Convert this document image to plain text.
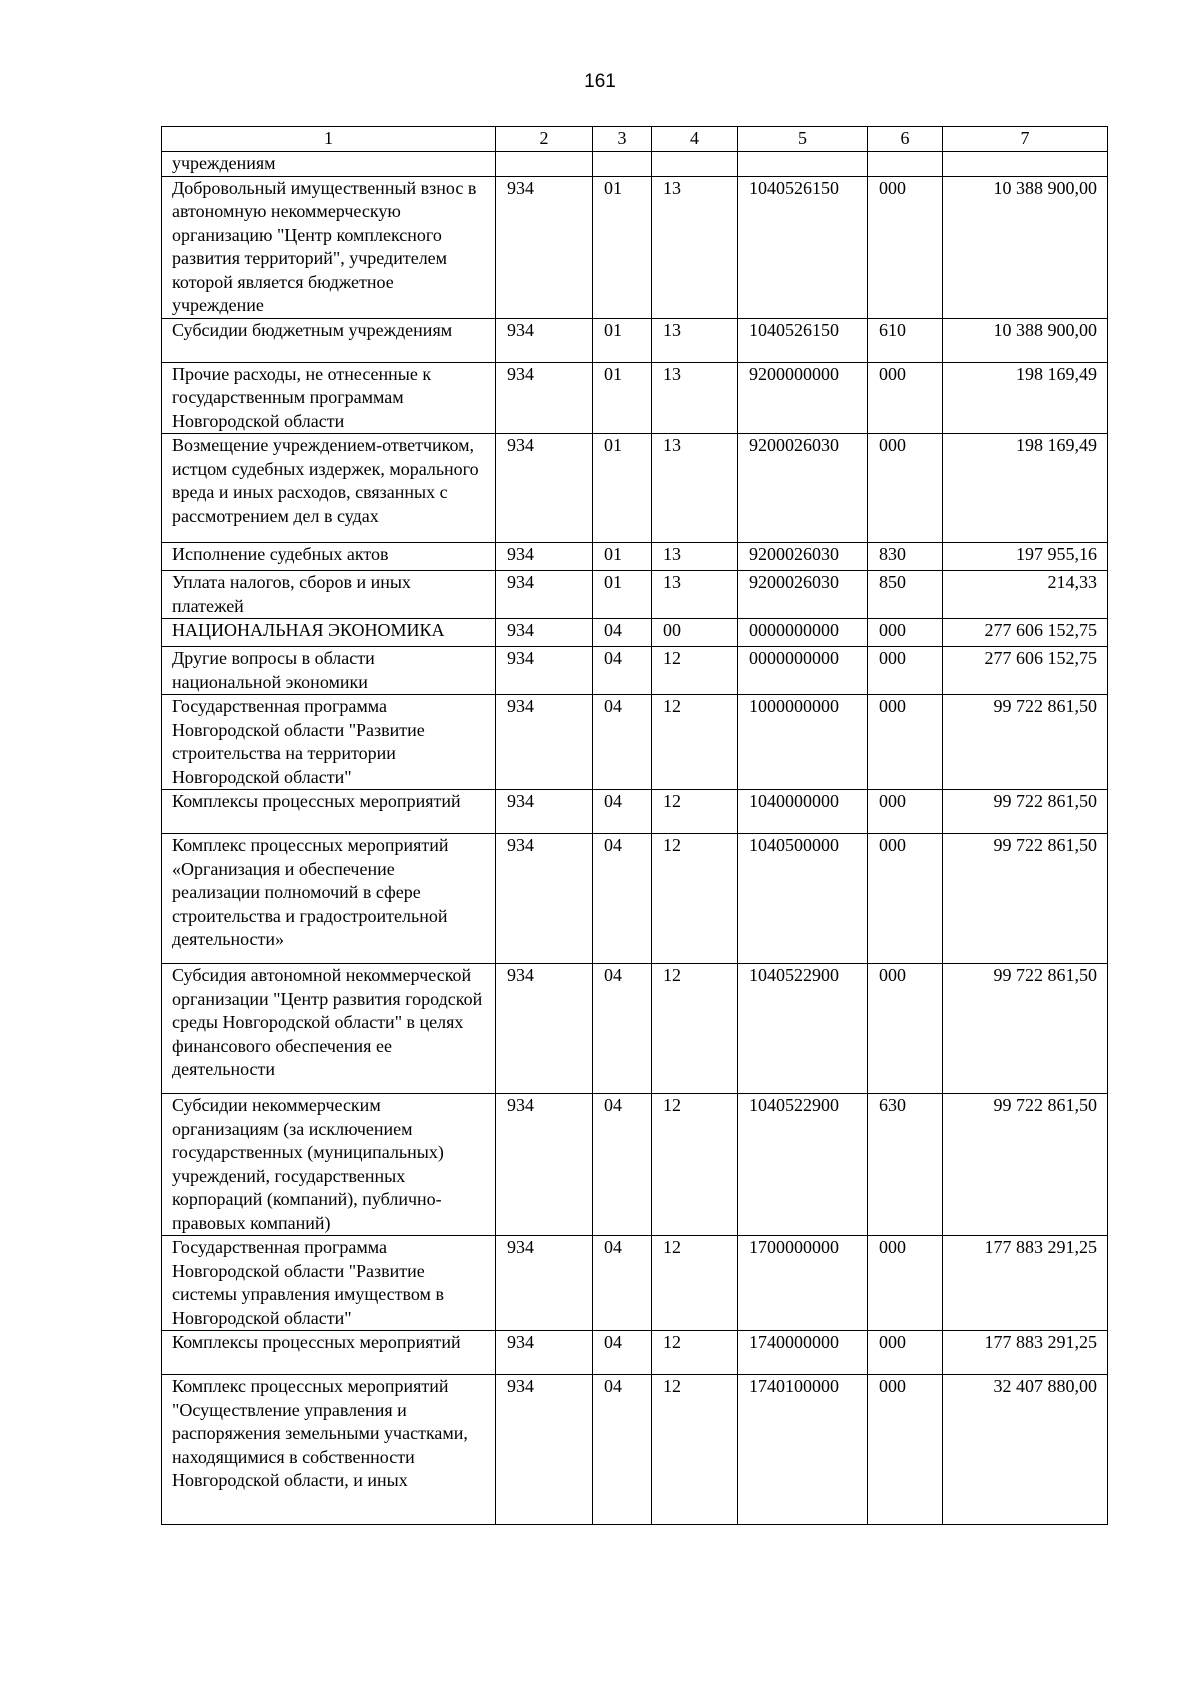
161
1	2	3	4	5	6	7
учреждениям						
Добровольный имущественный взнос в автономную некоммерческую организацию "Центр комплексного развития территорий", учредителем которой является бюджетное учреждение	934	01	13	1040526150	000	10 388 900,00
Субсидии бюджетным учреждениям	934	01	13	1040526150	610	10 388 900,00
Прочие расходы, не отнесенные к государственным программам Новгородской области	934	01	13	9200000000	000	198 169,49
Возмещение учреждением-ответчиком, истцом судебных издержек, морального вреда и иных расходов, связанных с рассмотрением дел в судах	934	01	13	9200026030	000	198 169,49
Исполнение судебных актов	934	01	13	9200026030	830	197 955,16
Уплата налогов, сборов и иных платежей	934	01	13	9200026030	850	214,33
НАЦИОНАЛЬНАЯ ЭКОНОМИКА	934	04	00	0000000000	000	277 606 152,75
Другие вопросы в области национальной экономики	934	04	12	0000000000	000	277 606 152,75
Государственная программа Новгородской области "Развитие строительства на территории Новгородской области"	934	04	12	1000000000	000	99 722 861,50
Комплексы процессных мероприятий	934	04	12	1040000000	000	99 722 861,50
Комплекс процессных мероприятий «Организация и обеспечение реализации полномочий в сфере строительства и градостроительной деятельности»	934	04	12	1040500000	000	99 722 861,50
Субсидия автономной некоммерческой организации "Центр развития городской среды Новгородской области" в целях финансового обеспечения ее деятельности	934	04	12	1040522900	000	99 722 861,50
Субсидии некоммерческим организациям (за исключением государственных (муниципальных) учреждений, государственных корпораций (компаний), публично-правовых компаний)	934	04	12	1040522900	630	99 722 861,50
Государственная программа Новгородской области "Развитие системы управления имуществом в Новгородской области"	934	04	12	1700000000	000	177 883 291,25
Комплексы процессных мероприятий	934	04	12	1740000000	000	177 883 291,25
Комплекс процессных мероприятий "Осуществление управления и распоряжения земельными участками, находящимися в собственности Новгородской области, и иных	934	04	12	1740100000	000	32 407 880,00
